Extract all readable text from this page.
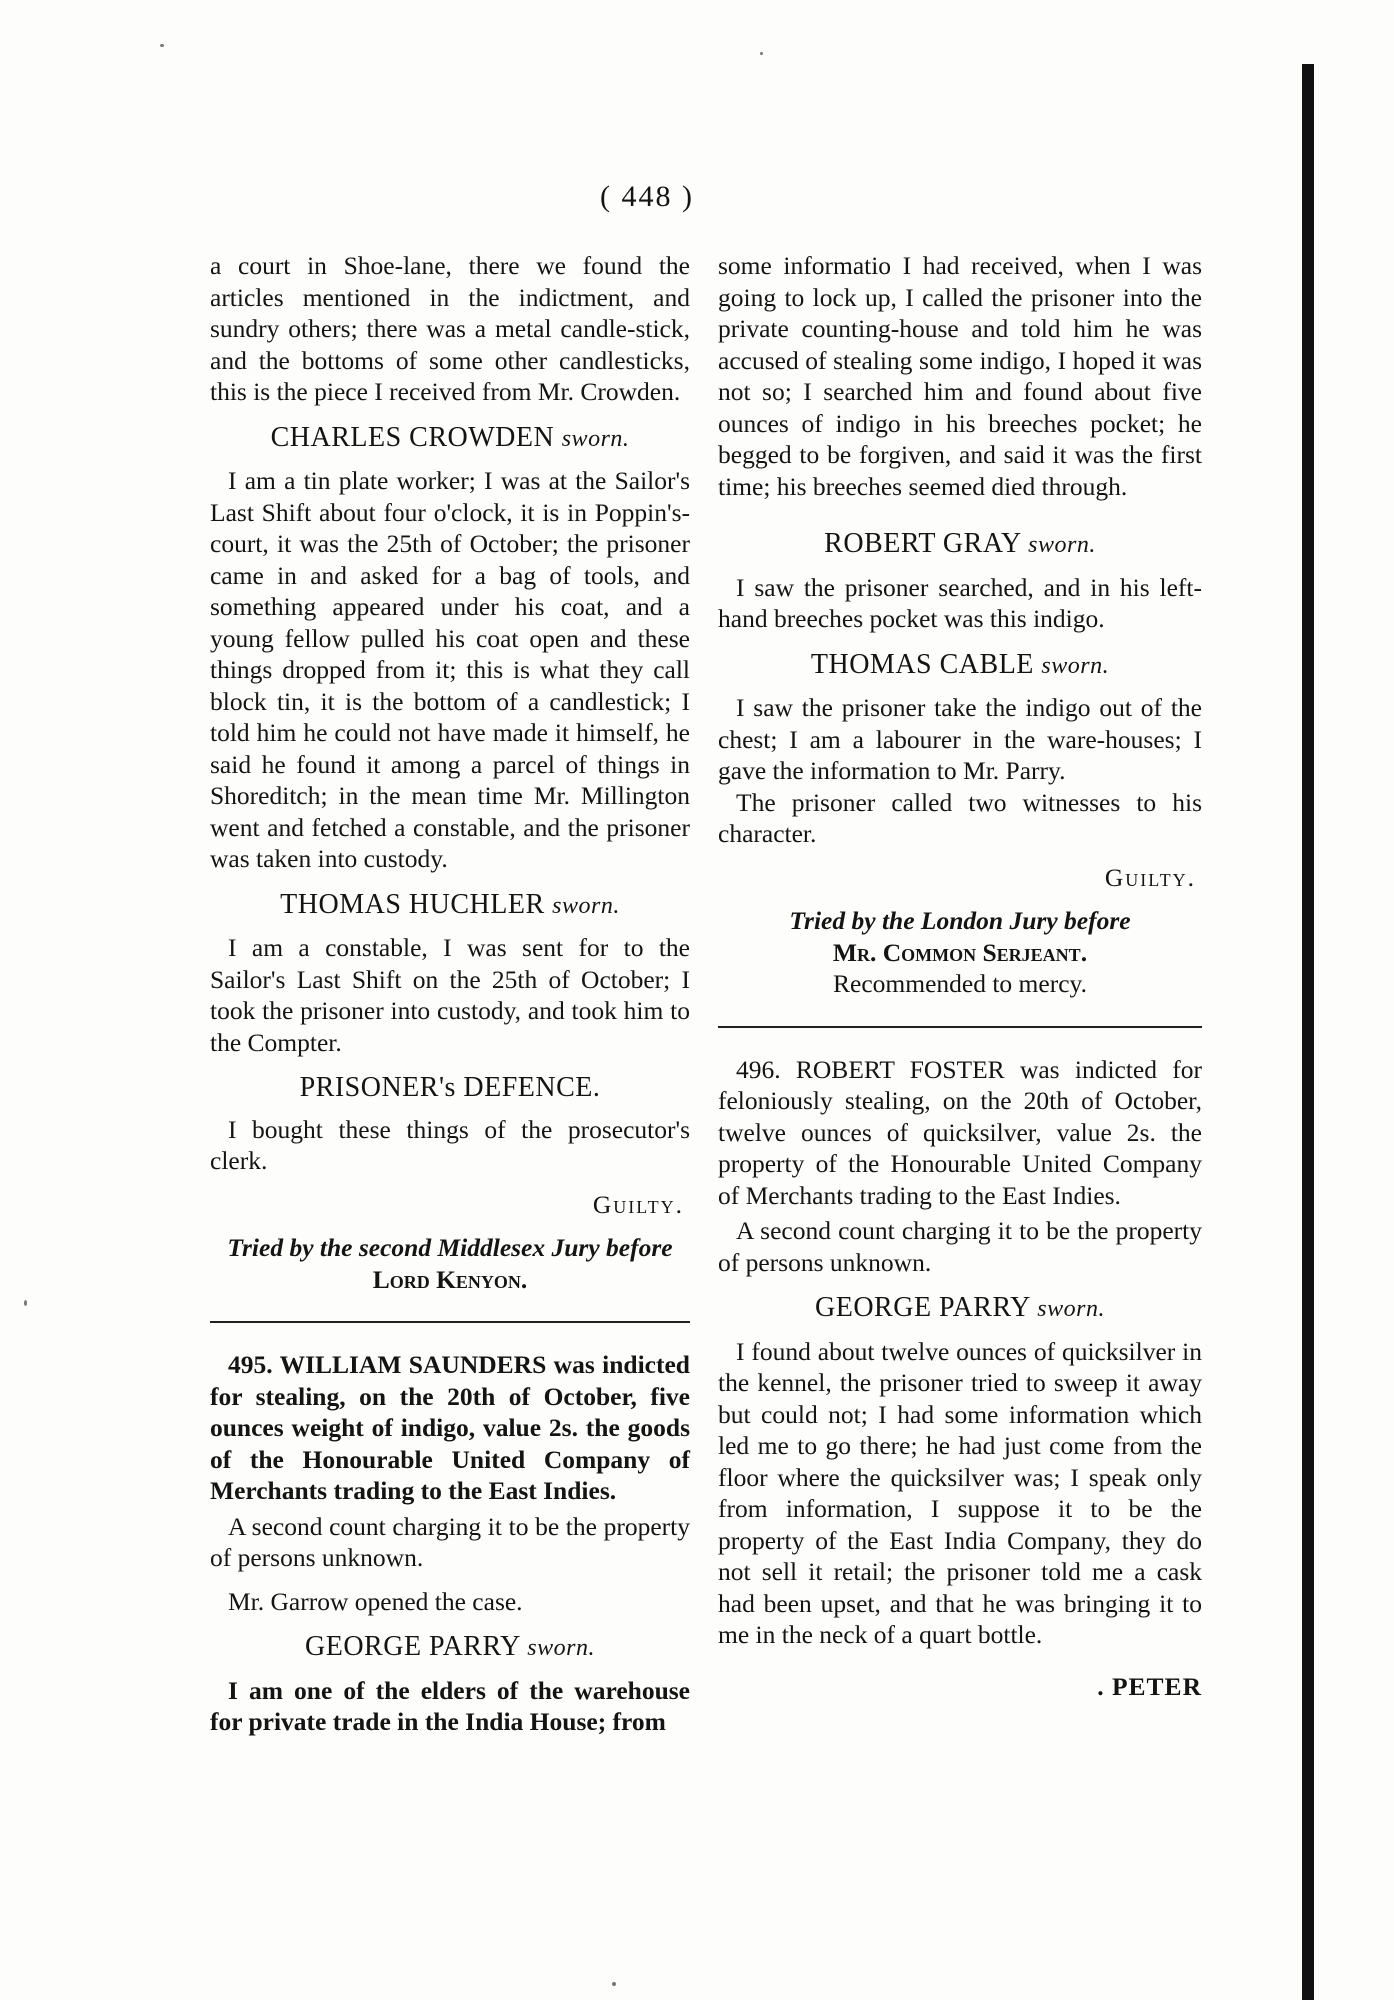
( 448 )

a court in Shoe-lane, there we found the articles mentioned in the indictment, and sundry others; there was a metal candle-stick, and the bottoms of some other candlesticks, this is the piece I received from Mr. Crowden.

CHARLES CROWDEN sworn.

I am a tin plate worker; I was at the Sailor's Last Shift about four o'clock, it is in Poppin's-court, it was the 25th of October; the prisoner came in and asked for a bag of tools, and something appeared under his coat, and a young fellow pulled his coat open and these things dropped from it; this is what they call block tin, it is the bottom of a candlestick; I told him he could not have made it himself, he said he found it among a parcel of things in Shoreditch; in the mean time Mr. Millington went and fetched a constable, and the prisoner was taken into custody.

THOMAS HUCHLER sworn.

I am a constable, I was sent for to the Sailor's Last Shift on the 25th of October; I took the prisoner into custody, and took him to the Compter.

PRISONER's DEFENCE.

I bought these things of the prosecutor's clerk.

Guilty.

Tried by the second Middlesex Jury before

Lord Kenyon.

495. WILLIAM SAUNDERS was indicted for stealing, on the 20th of October, five ounces weight of indigo, value 2s. the goods of the Honourable United Company of Merchants trading to the East Indies.

A second count charging it to be the property of persons unknown.

Mr. Garrow opened the case.

GEORGE PARRY sworn.

I am one of the elders of the warehouse for private trade in the India House; from

some informatio I had received, when I was going to lock up, I called the prisoner into the private counting-house and told him he was accused of stealing some indigo, I hoped it was not so; I searched him and found about five ounces of indigo in his breeches pocket; he begged to be forgiven, and said it was the first time; his breeches seemed died through.

ROBERT GRAY sworn.

I saw the prisoner searched, and in his left-hand breeches pocket was this indigo.

THOMAS CABLE sworn.

I saw the prisoner take the indigo out of the chest; I am a labourer in the ware-houses; I gave the information to Mr. Parry.

The prisoner called two witnesses to his character.

Guilty.

Tried by the London Jury before

Mr. Common Serjeant.

Recommended to mercy.

496. ROBERT FOSTER was indicted for feloniously stealing, on the 20th of October, twelve ounces of quicksilver, value 2s. the property of the Honourable United Company of Merchants trading to the East Indies.

A second count charging it to be the property of persons unknown.

GEORGE PARRY sworn.

I found about twelve ounces of quicksilver in the kennel, the prisoner tried to sweep it away but could not; I had some information which led me to go there; he had just come from the floor where the quicksilver was; I speak only from information, I suppose it to be the property of the East India Company, they do not sell it retail; the prisoner told me a cask had been upset, and that he was bringing it to me in the neck of a quart bottle.

. PETER
